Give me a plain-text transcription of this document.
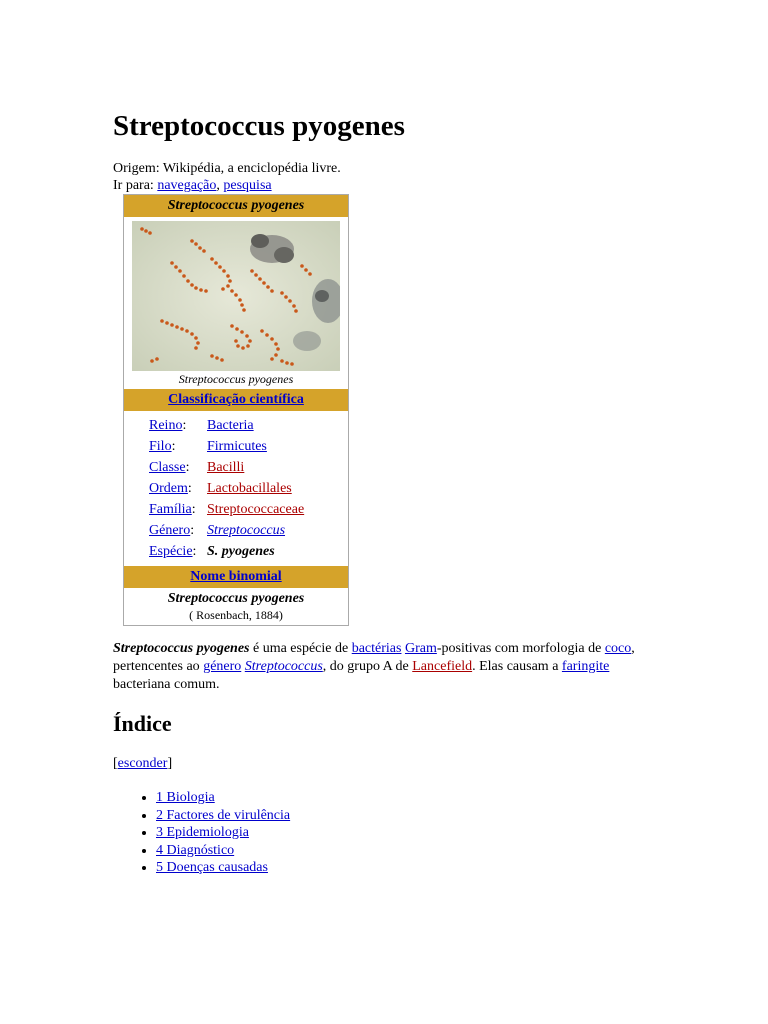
Streptococcus pyogenes
Origem: Wikipédia, a enciclopédia livre.
Ir para: navegação, pesquisa
Streptococcus pyogenes
Streptococcus pyogenes
Classificação científica
Reino:	Bacteria
Filo:	Firmicutes
Classe:	Bacilli
Ordem:	Lactobacillales
Família: Streptococcaceae
Género: Streptococcus
Espécie: S. pyogenes
Nome binomial
Streptococcus pyogenes
( Rosenbach, 1884)

Streptococcus pyogenes é uma espécie de bactérias Gram-positivas com morfologia de coco, pertencentes ao género Streptococcus, do grupo A de Lancefield. Elas causam a faringite bacteriana comum.

Índice
[esconder]
• 1 Biologia
• 2 Factores de virulência
• 3 Epidemiologia
• 4 Diagnóstico
• 5 Doenças causadas
